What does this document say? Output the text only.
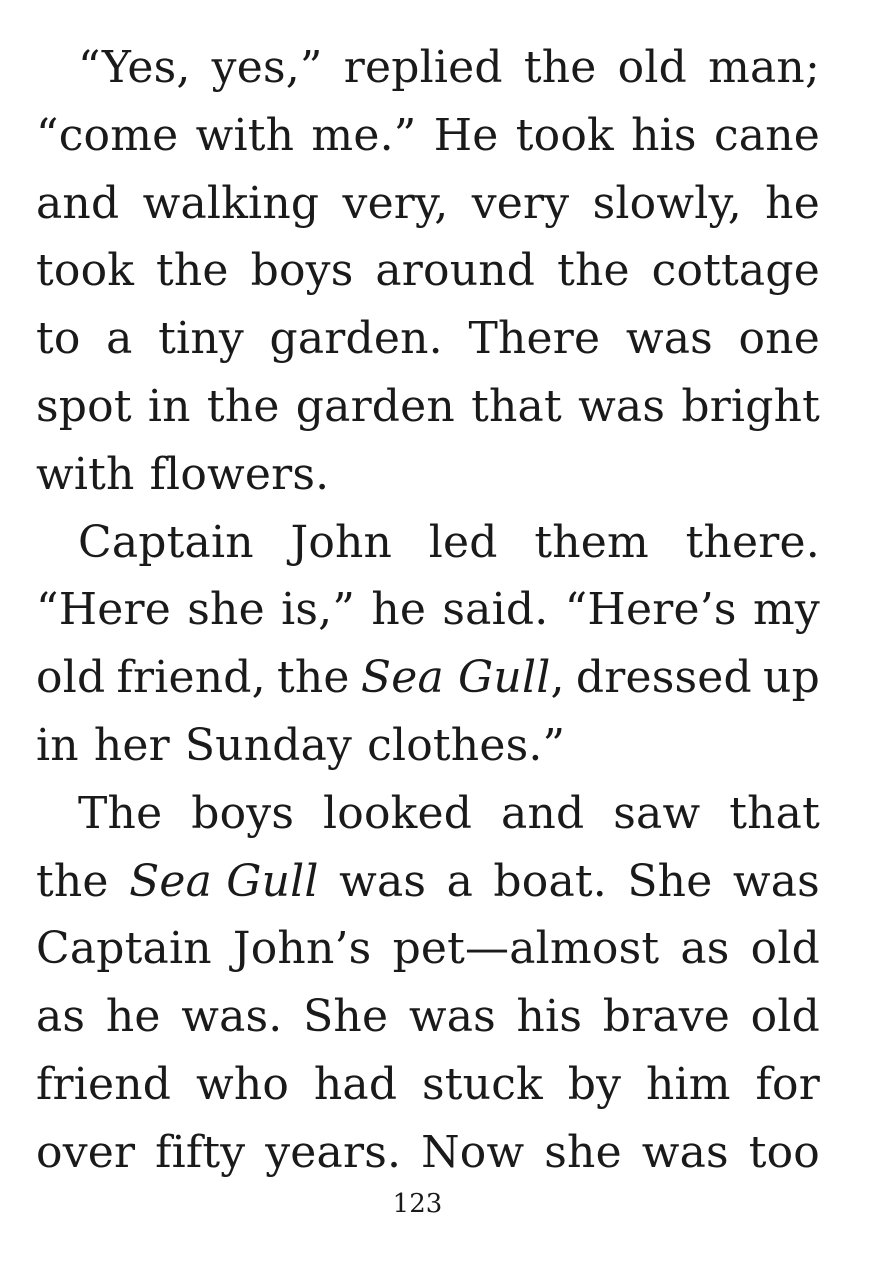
“Yes, yes,” replied the old man;
“come with me.” He took his cane
and walking very, very slowly, he
took the boys around the cottage
to a tiny garden. There was one
spot in the garden that was bright
with flowers.
Captain John led them there.
“Here she is,” he said. “Here’s my
old friend, the Sea Gull, dressed up
in her Sunday clothes.”
The boys looked and saw that
the Sea Gull was a boat. She was
Captain John’s pet—almost as old
as he was. She was his brave old
friend who had stuck by him for
over fifty years. Now she was too
123
